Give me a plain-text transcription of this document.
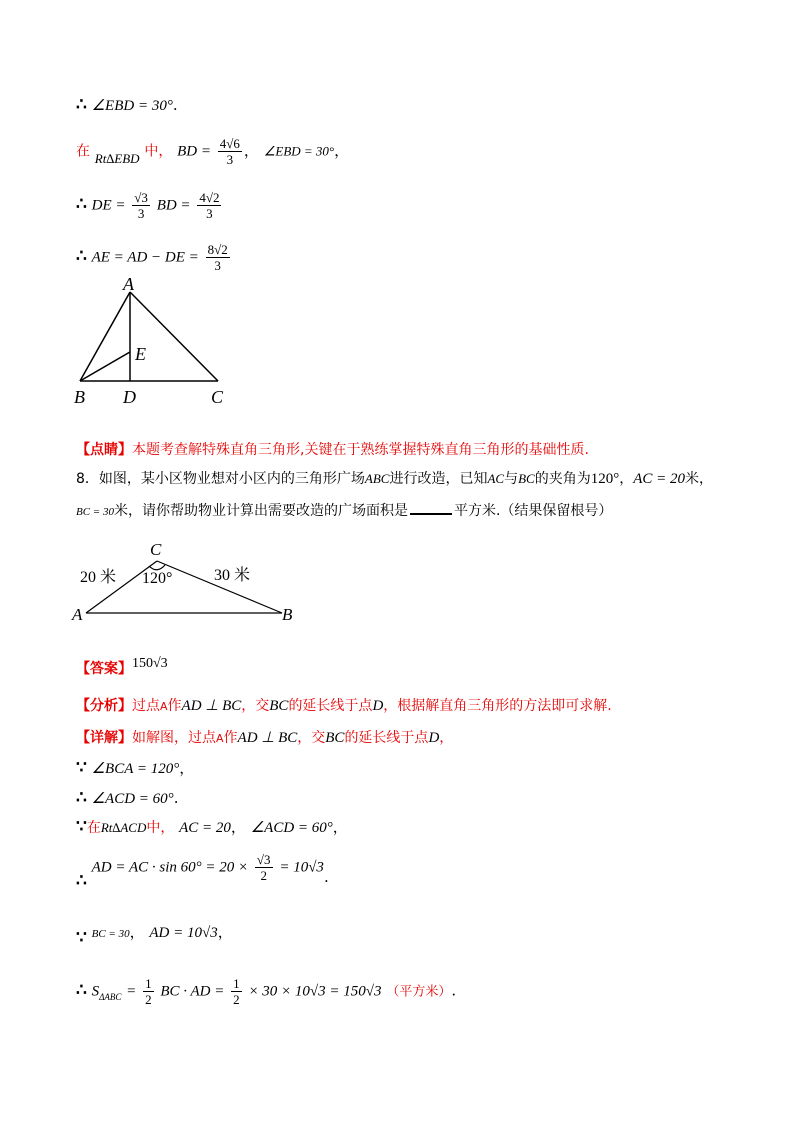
∴ ∠EBD = 30°.
在 Rt∆EBD 中， BD = $\frac{4√6}{3}$ ， ∠EBD = 30°，
∴ DE = $\frac{√3}{3}$ BD = $\frac{4√2}{3}$
∴ AE = AD − DE = $\frac{8√2}{3}$
A
B	C
D
E
【点睛】本题考查解特殊直角三角形,关键在于熟练掌握特殊直角三角形的基础性质.
8．如图，某小区物业想对小区内的三角形广场ABC进行改造，已知AC与BC的夹角为120°，AC = 20米，
BC = 30米，请你帮助物业计算出需要改造的广场面积是	平方米.（结果保留根号）
C
A	B
20 米	30 米
120°
【答案】150√3
【分析】过点A作AD ⊥ BC，交BC的延长线于点D，根据解直角三角形的方法即可求解.
【详解】如解图，过点A作AD ⊥ BC，交BC的延长线于点D，
∵ ∠BCA = 120°，
∴ ∠ACD = 60°.
∵在Rt∆ACD中， AC = 20， ∠ACD = 60°，
∴ AD = AC · $\sin 60^\circ = 20 \times \frac{√3}{2} = 10√3$.
∵ BC = 30， AD = 10√3，
∴ $S_{\Delta ABC} = \frac{1}{2}$ BC · AD = $\frac{1}{2} \times 30 \times 10√3 = 150√3$ （平方米）.
